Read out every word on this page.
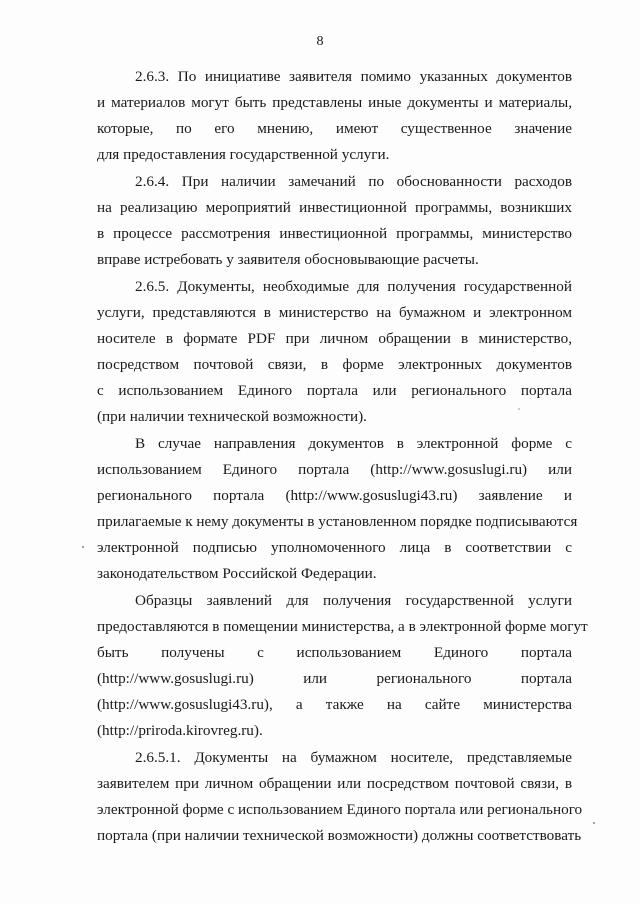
8
2.6.3. По инициативе заявителя помимо указанных документов
и материалов могут быть представлены иные документы и материалы,
которые, по его мнению, имеют существенное значение
для предоставления государственной услуги.
2.6.4. При наличии замечаний по обоснованности расходов
на реализацию мероприятий инвестиционной программы, возникших
в процессе рассмотрения инвестиционной программы, министерство
вправе истребовать у заявителя обосновывающие расчеты.
2.6.5. Документы, необходимые для получения государственной
услуги, представляются в министерство на бумажном и электронном
носителе в формате PDF при личном обращении в министерство,
посредством почтовой связи, в форме электронных документов
с использованием Единого портала или регионального портала
(при наличии технической возможности).
В случае направления документов в электронной форме с
использованием Единого портала (http://www.gosuslugi.ru) или
регионального портала (http://www.gosuslugi43.ru) заявление и
прилагаемые к нему документы в установленном порядке подписываются
электронной подписью уполномоченного лица в соответствии с
законодательством Российской Федерации.
Образцы заявлений для получения государственной услуги
предоставляются в помещении министерства, а в электронной форме могут
быть получены с использованием Единого портала
(http://www.gosuslugi.ru) или регионального портала
(http://www.gosuslugi43.ru), а также на сайте министерства
(http://priroda.kirovreg.ru).
2.6.5.1. Документы на бумажном носителе, представляемые
заявителем при личном обращении или посредством почтовой связи, в
электронной форме с использованием Единого портала или регионального
портала (при наличии технической возможности) должны соответствовать
